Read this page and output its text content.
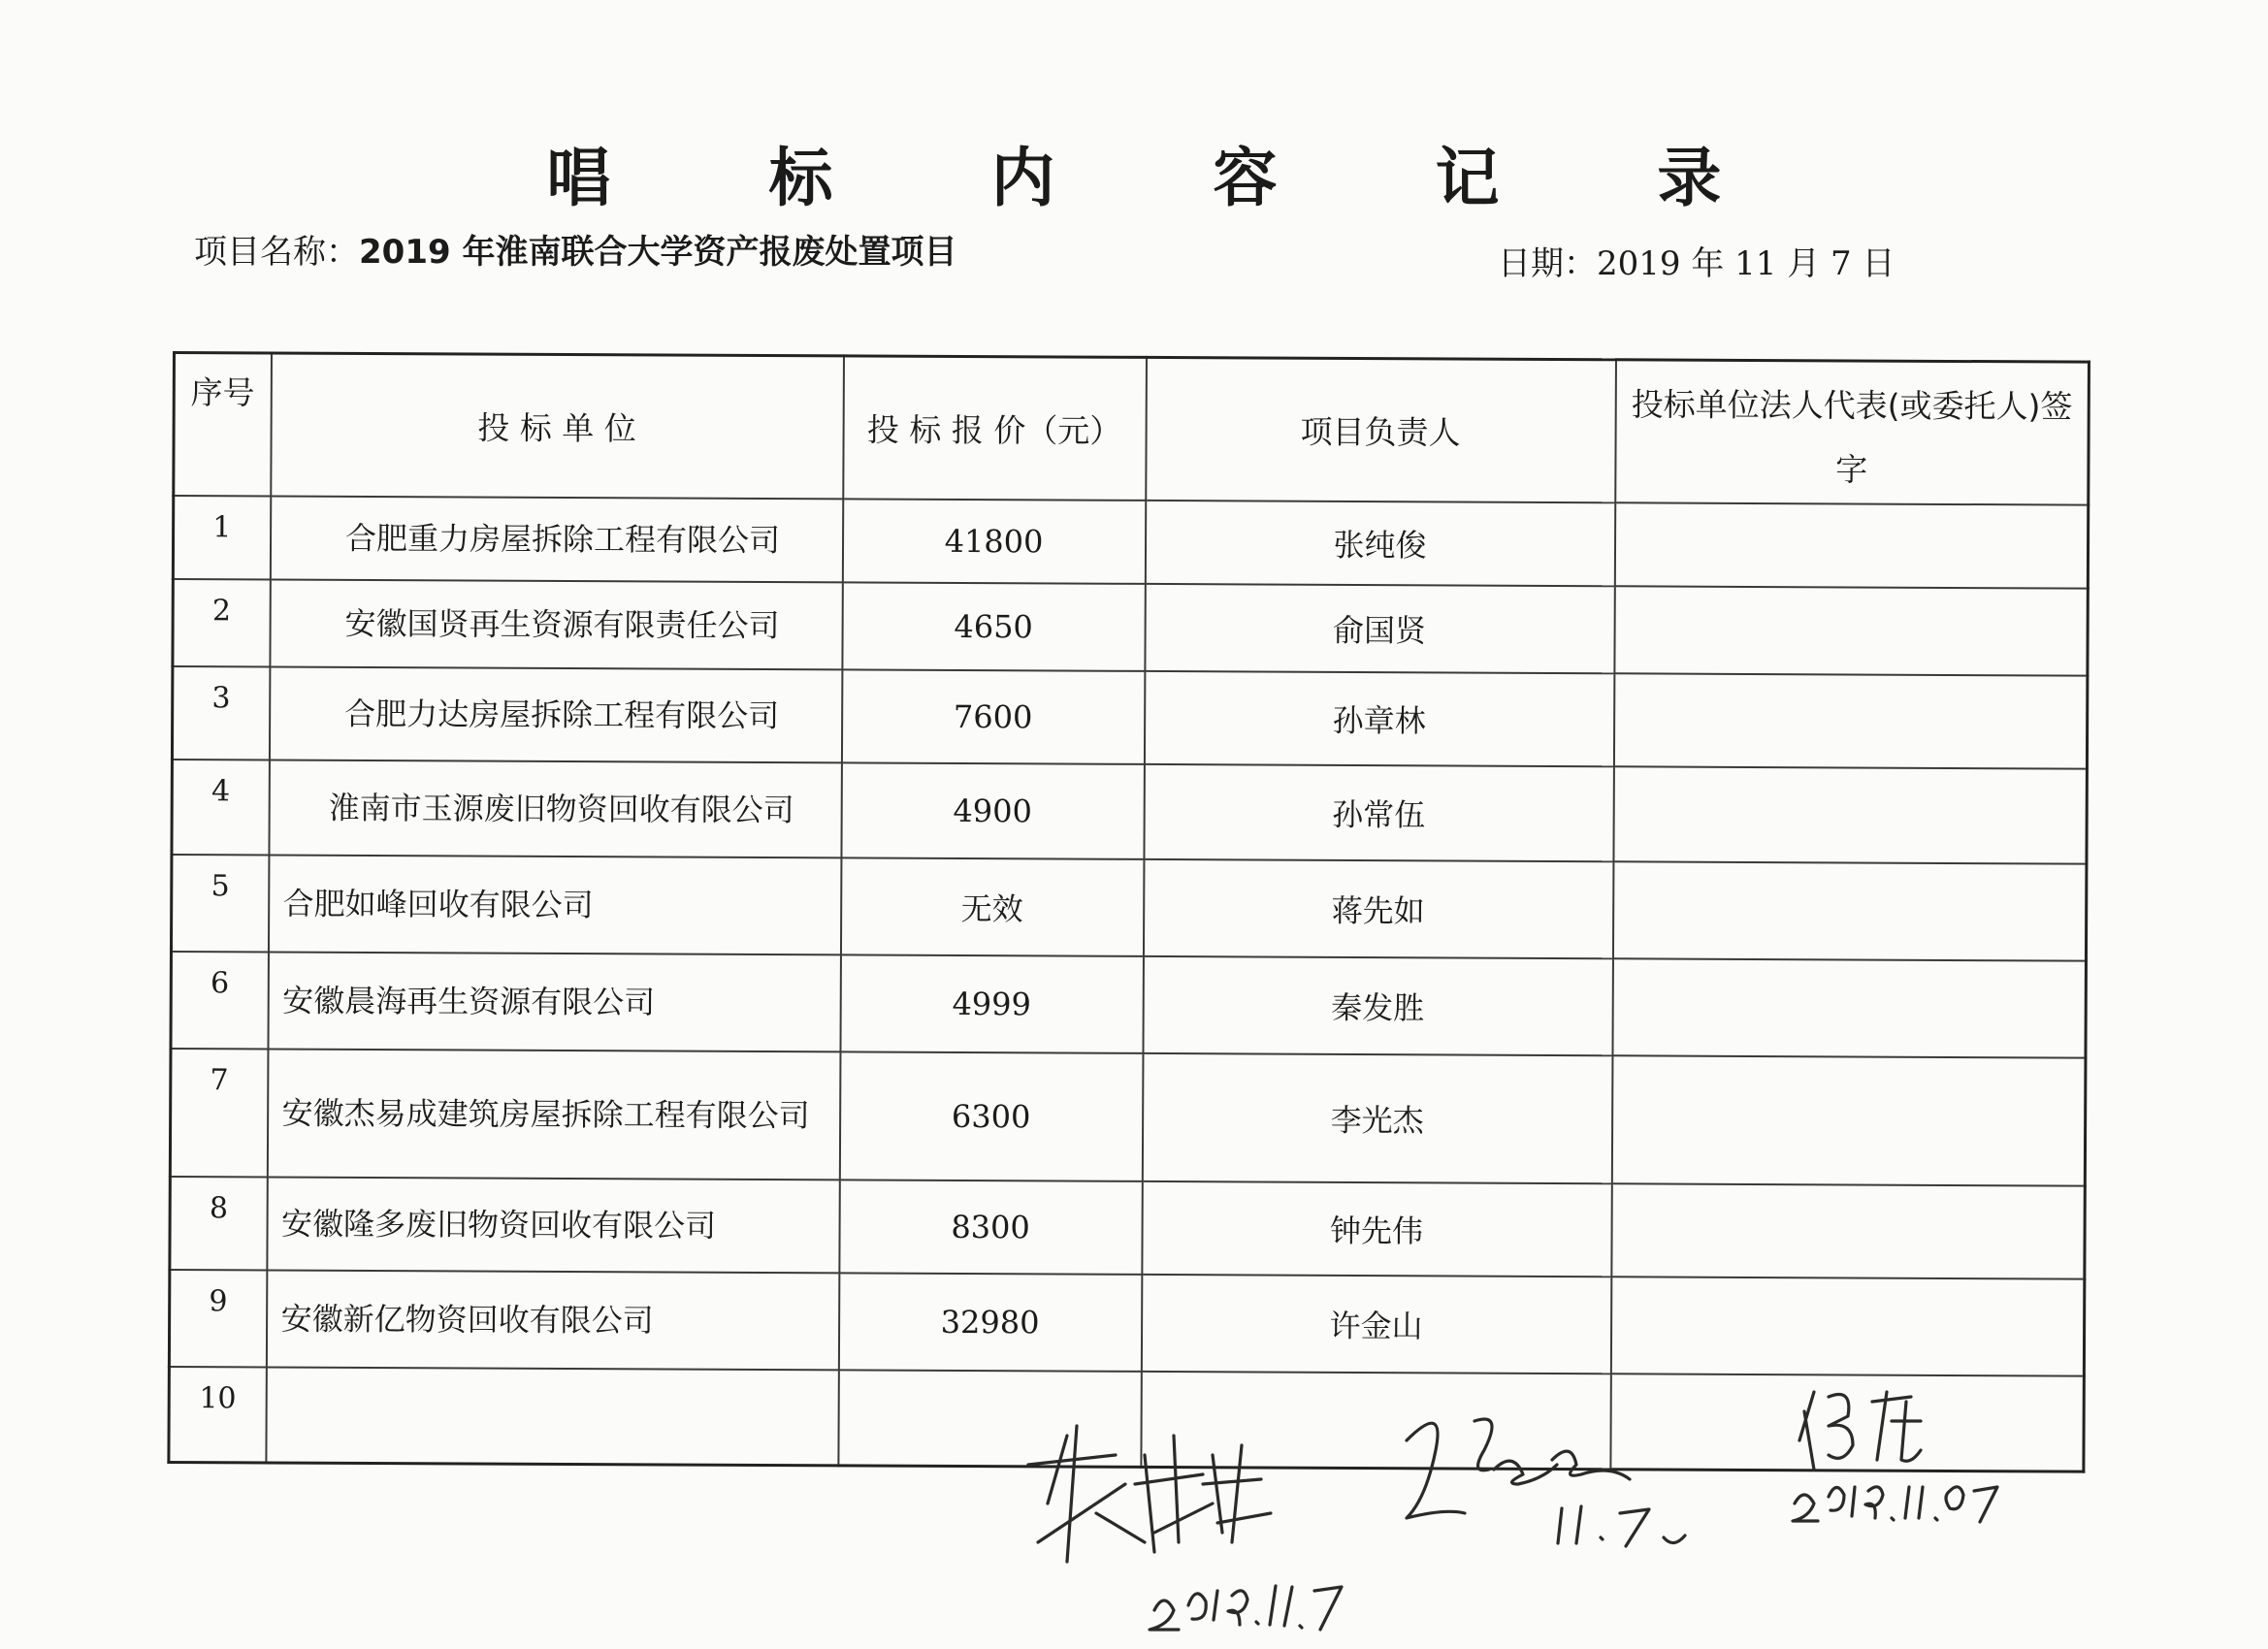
唱 标 内 容 记 录
项目名称：2019 年淮南联合大学资产报废处置项目	日期：2019 年 11 月 7 日
序号	投 标 单 位	投 标 报 价（元）	项目负责人	投标单位法人代表(或委托人)签字
1	合肥重力房屋拆除工程有限公司	41800	张纯俊	
2	安徽国贤再生资源有限责任公司	4650	俞国贤	
3	合肥力达房屋拆除工程有限公司	7600	孙章林	
4	淮南市玉源废旧物资回收有限公司	4900	孙常伍	
5	合肥如峰回收有限公司	无效	蒋先如	
6	安徽晨海再生资源有限公司	4999	秦发胜	
7	安徽杰易成建筑房屋拆除工程有限公司	6300	李光杰	
8	安徽隆多废旧物资回收有限公司	8300	钟先伟	
9	安徽新亿物资回收有限公司	32980	许金山	
10				
